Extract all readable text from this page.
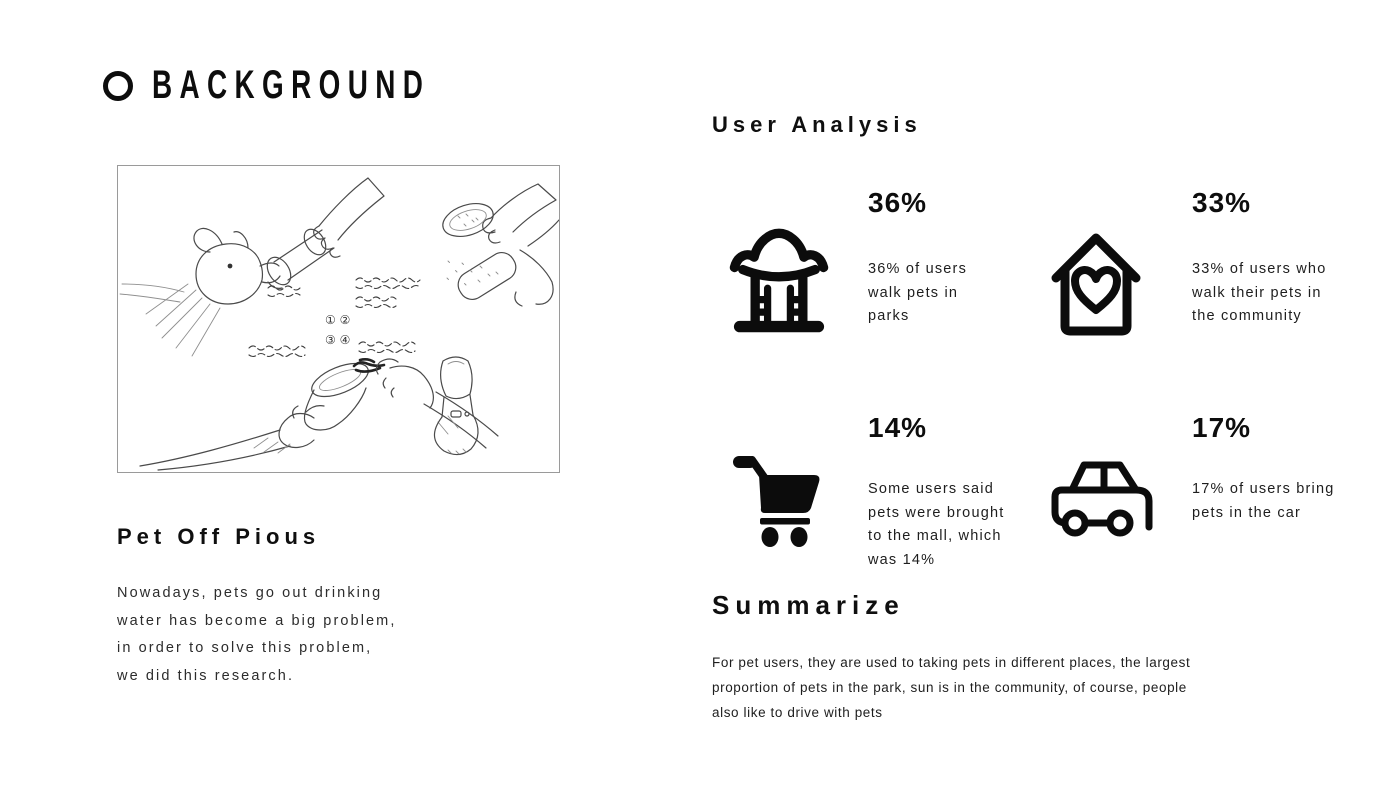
BACKGROUND
① ②
③ ④
Pet Off Pious
Nowadays, pets go out drinking
water has become a big problem,
in order to solve this problem,
we did this research.
User Analysis
36%
36% of users
walk pets in
parks
33%
33% of users who
walk their pets in
the community
14%
Some users said
pets were brought
to the mall, which
was 14%
17%
17% of users bring
pets in the car
Summarize
For pet users, they are used to taking pets in different places, the largest
proportion of pets in the park, sun is in the community, of course, people
also like to drive with pets
